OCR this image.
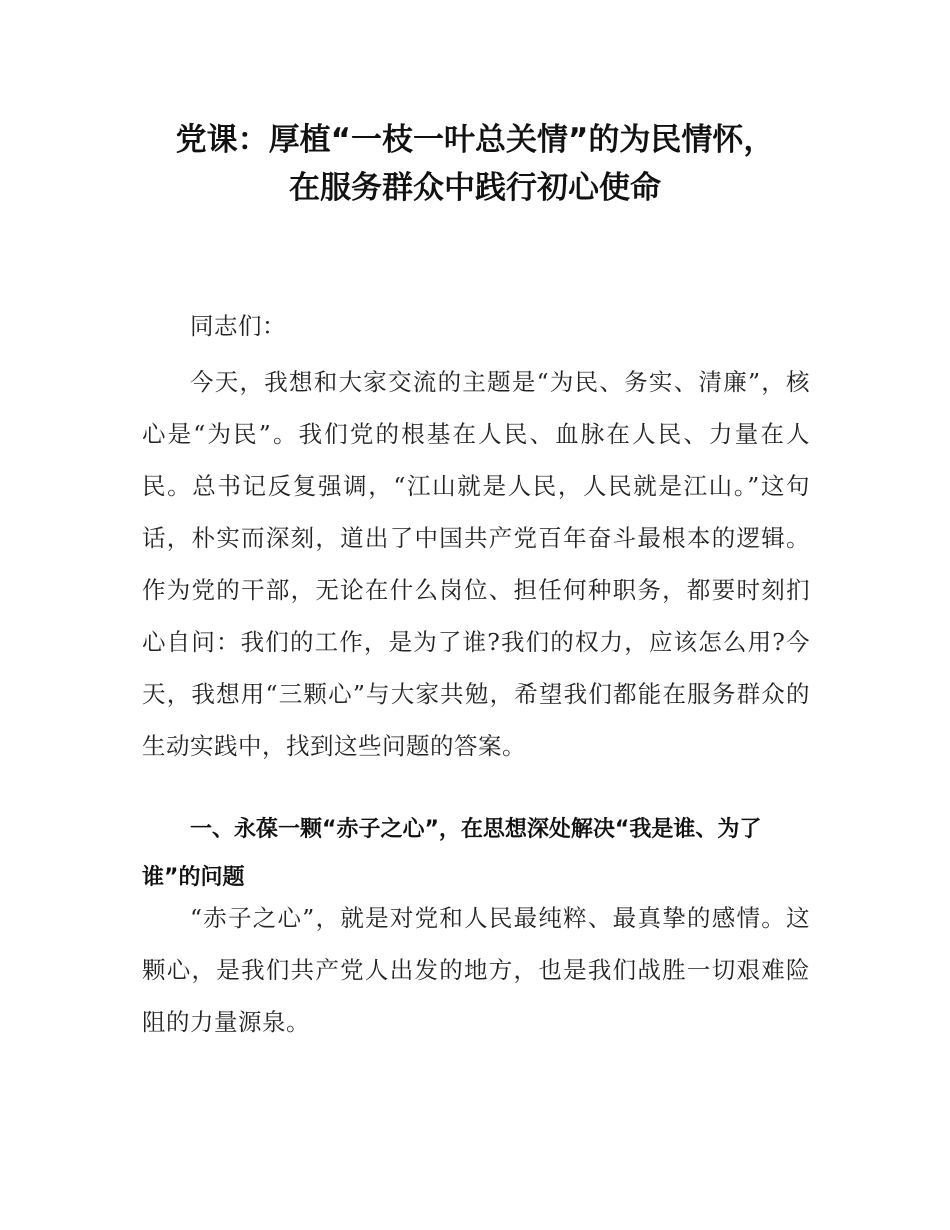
党课：厚植“一枝一叶总关情”的为民情怀，
在服务群众中践行初心使命

同志们：

今天，我想和大家交流的主题是“为民、务实、清廉”，核心是“为民”。我们党的根基在人民、血脉在人民、力量在人民。总书记反复强调，“江山就是人民，人民就是江山。”这句话，朴实而深刻，道出了中国共产党百年奋斗最根本的逻辑。作为党的干部，无论在什么岗位、担任何种职务，都要时刻扪心自问：我们的工作，是为了谁?我们的权力，应该怎么用?今天，我想用“三颗心”与大家共勉，希望我们都能在服务群众的生动实践中，找到这些问题的答案。

一、永葆一颗“赤子之心”，在思想深处解决“我是谁、为了谁”的问题

“赤子之心”，就是对党和人民最纯粹、最真挚的感情。这颗心，是我们共产党人出发的地方，也是我们战胜一切艰难险阻的力量源泉。
